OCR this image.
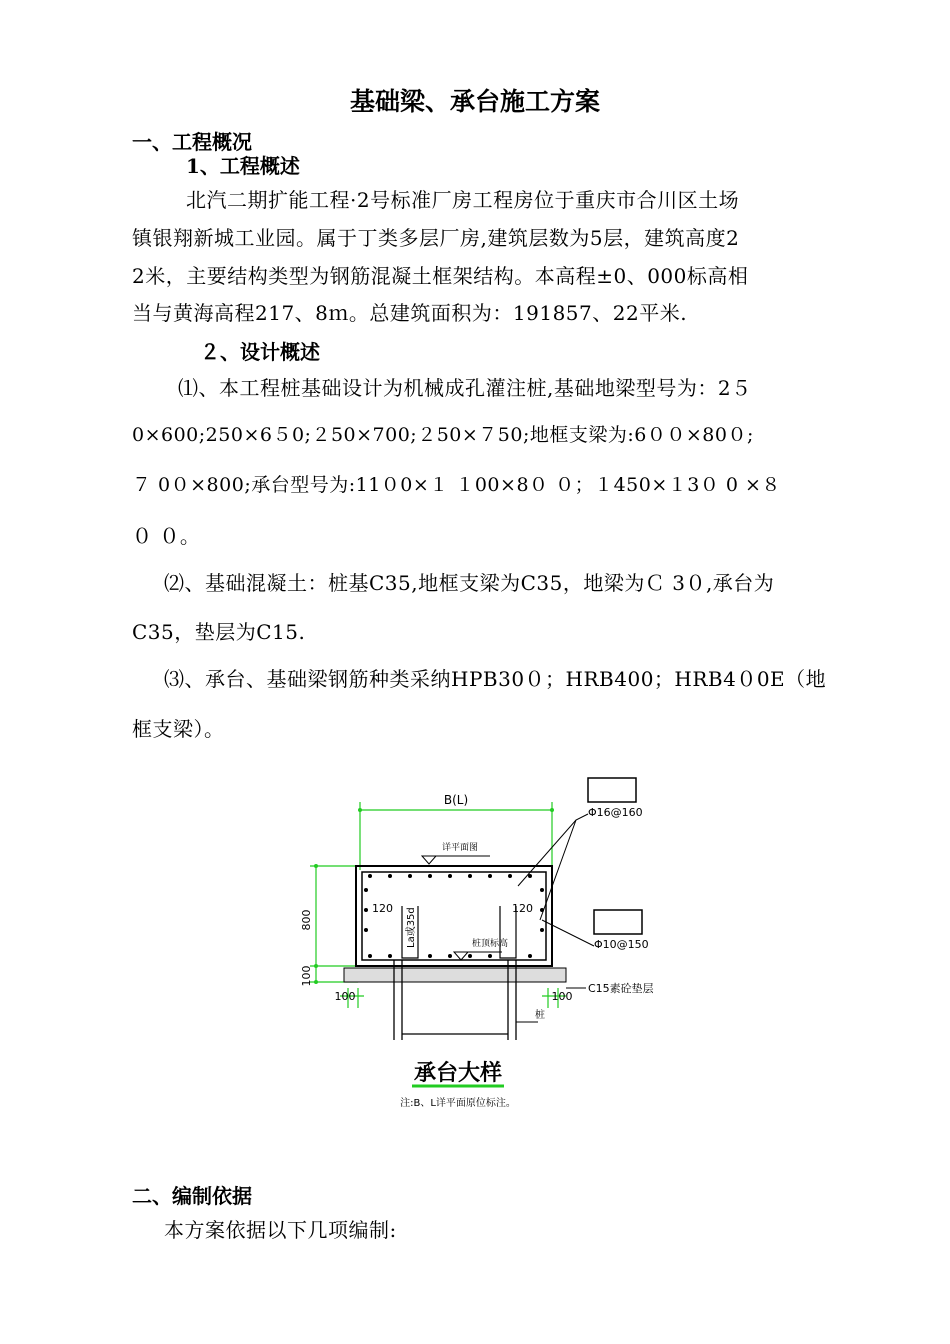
基础梁、承台施工方案
一、工程概况
1、工程概述
北汽二期扩能工程·2号标准厂房工程房位于重庆市合川区土场
镇银翔新城工业园。属于丁类多层厂房,建筑层数为5层，建筑高度2
2米，主要结构类型为钢筋混凝土框架结构。本高程±0、000标高相
当与黄海高程217、8ｍ。总建筑面积为：191857、22平米.
２、设计概述
⑴、本工程桩基础设计为机械成孔灌注桩,基础地梁型号为：2５
0×600;250×6５0;２50×700;２50×７50;地框支梁为:6００×80０;
７ 0０×800;承台型号为:11０0×１ １00×8０ ０；１450×１3０ 0 ×８
０ ０。
⑵、基础混凝土：桩基C35,地框支梁为C35，地梁为Ｃ 3０,承台为
C35，垫层为C15.
⑶、承台、基础梁钢筋种类采纳HPB30０；HRB400；HRB4０0E（地
框支梁）。
B(L)
800
100
100	100
详平面图
120	120
La或35d	桩顶标高
桩
Φ16@160
Φ10@150
C15素砼垫层
承台大样
注:B、L详平面原位标注。
二、编制依据
本方案依据以下几项编制:
